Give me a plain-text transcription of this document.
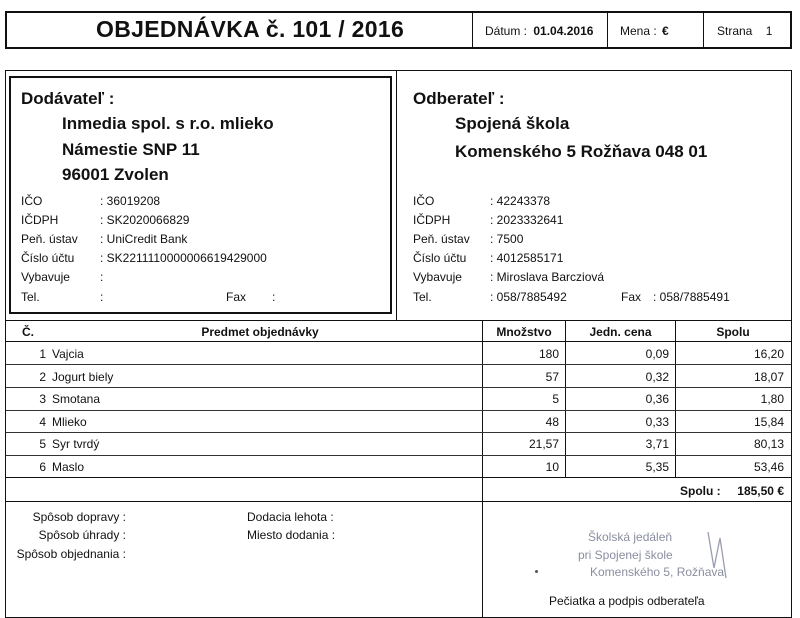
OBJEDNÁVKA č. 101 / 2016	Dátum : 01.04.2016 Mena : €	Strana 1
Dodávateľ :
Inmedia spol. s r.o. mlieko
Námestie SNP 11
96001 Zvolen
IČO	: 36019208
IČDPH	: SK2020066829
Peň. ústav : UniCredit Bank
Číslo účtu : SK2211110000006619429000
Vybavuje	:
Tel.	:	Fax :
Odberateľ :
Spojená škola
Komenského 5 Rožňava 048 01
IČO	: 42243378
IČDPH	: 2023332641
Peň. ústav : 7500
Číslo účtu : 4012585171
Vybavuje : Miroslava Barcziová
Tel.	: 058/7885492	Fax : 058/7885491
Č.	Predmet objednávky	Množstvo	Jedn. cena	Spolu
1 Vajcia	180	0,09	16,20
2 Jogurt biely	57	0,32	18,07
3 Smotana	5	0,36	1,80
4 Mlieko	48	0,33	15,84
5 Syr tvrdý	21,57	3,71	80,13
6 Maslo	10	5,35	53,46
Spolu :	185,50 €
Spôsob dopravy :
Spôsob úhrady :
Spôsob objednania :
Dodacia lehota :
Miesto dodania :	Školská jedáleň
pri Spojenej škole
Komenského 5, Rožňava
Pečiatka a podpis odberateľa
